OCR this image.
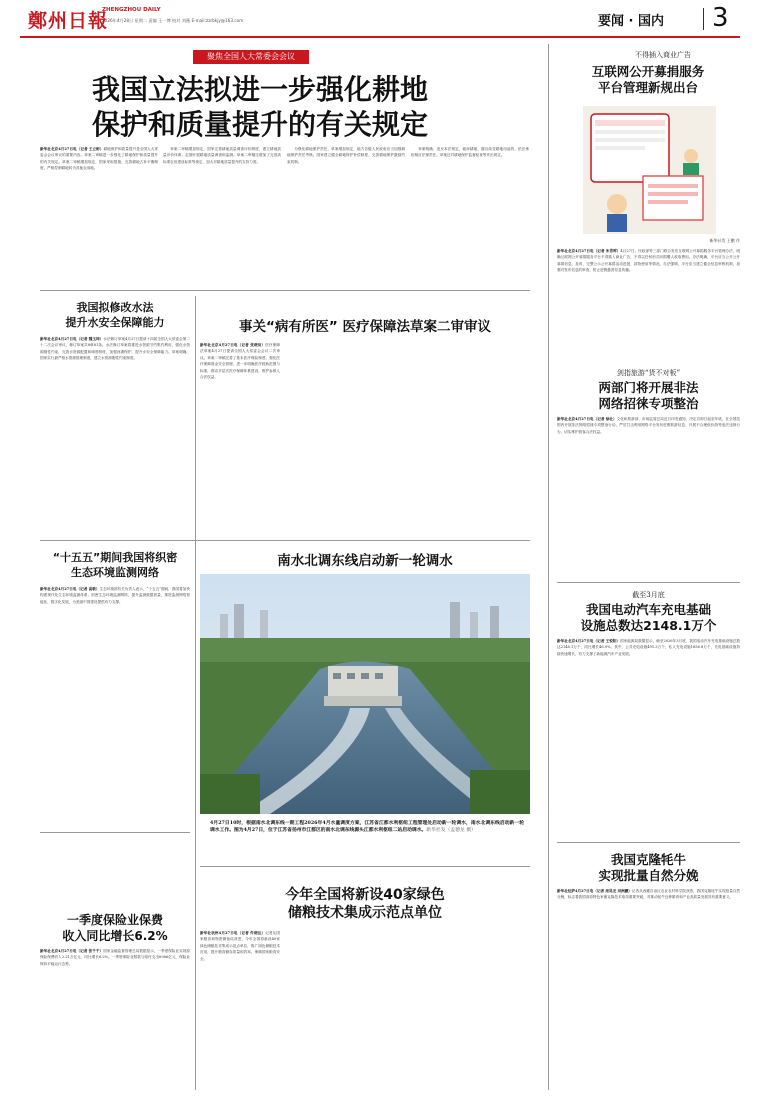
鄭州日報
ZHENGZHOU DAILY
2026年4月28日 星期二 责编 王一博 校对 刘薇 E-mail:zzrbkjy@163.com	要闻 · 国内 3
聚焦全国人大常委会会议
我国立法拟进一步强化耕地
保护和质量提升的有关规定
新华社北京4月27日电（记者 王立彬）耕地保护和质量提升是全国人大常委会会议审议的重要内容。草案二审稿进一步强化了耕地保护和质量提升的有关规定。草案二审稿增加规定，国家采取措施，完善耕地占补平衡制度，严格控制耕地转为其他农用地。

草案二审稿增加规定，国家完善耕地质量调查评价制度，建立耕地质量评价体系，定期开展耕地质量调查和监测。草案二审稿还增加了完善高标准农田建设标准等规定，加大对耕地质量提升的支持力度。

为强化耕地保护责任，草案增加规定，地方各级人民政府应当加强耕地保护责任考核。国家建立健全耕地保护补偿制度，完善耕地保护激励约束机制。

草案明确，违反本法规定，破坏耕地、擅自改变耕地用途的，依法承担相应法律责任。草案还对耕地保护监督检查等作出规定。

不得插入商业广告
互联网公开募捐服务
平台管理新规出台
新华社发 王鹏 作
新华社北京4月27日电（记者 朱青晖）4月27日，民政部等三部门联合发布互联网公开募捐服务平台管理办法，明确互联网公开募捐服务平台不得插入商业广告，不得以任何形式向捐赠人收取费用。办法明确，平台应当公开公开募捐信息，及时、完整公示公开募捐活动进展、款物使用等情况。办法强调，平台应当建立健全信息审核机制，加强对发布信息的审查，防止虚假慈善信息传播。
我国拟修改水法
提升水安全保障能力
新华社北京4月27日电（记者 魏玉坤）水法修订草案4月27日提请十四届全国人大常委会第二十二次会议审议，修订草案共8章81条。水法修订草案将推进水资源节约集约利用，强化水资源刚性约束，完善水资源配置和调度制度，加强河湖保护，提升水安全保障能力。草案明确，国家实行最严格水资源管理制度，建立水资源刚性约束制度。
事关“病有所医” 医疗保障法草案二审审议
新华社北京4月27日电（记者 张晓洁）医疗保障法草案4月27日提请全国人大常委会会议二次审议。草案二审稿完善了基本医疗保险制度，强化医疗保障基金安全管理，进一步明确医疗救助范围与标准，推动多层次医疗保障体系建设，维护参保人合法权益。
剑指旅游“货不对板”
两部门将开展非法
网络招徕专项整治
新华社北京4月27日电（记者 徐壮）文化和旅游部、市场监管总局近日印发通知，决定自即日起至年底，在全国范围内开展非法网络招徕专项整治行动，严厉打击利用网络平台发布虚假旅游信息、开展不合理低价游等违法违规行为，切实维护游客合法权益。
“十五五”期间我国将织密
生态环境监测网络
新华社北京4月27日电（记者 高敬）生态环境部有关负责人表示，“十五五”期间，我国将加快构建现代化生态环境监测体系，织密生态环境监测网络，提升监测数据质量，推进监测网络智能化、数字化发展，为美丽中国建设提供有力支撑。
南水北调东线启动新一轮调水
4月27日10时，根据南水北调东线一期工程2026年4月水量调度方案，江苏省江都水利枢纽工程管理处启动新一轮调水，南水北调东线启动新一轮调水工作。图为4月27日，位于江苏省扬州市江都区的南水北调东线源头江都水利枢纽二站启动调水。新华社发（孟德龙 摄）
截至3月底
我国电动汽车充电基础
设施总数达2148.1万个
新华社北京4月27日电（记者 王悦阳）国家能源局数据显示，截至2026年3月底，我国电动汽车充电基础设施总数达2148.1万个，同比增长46.9%。其中，公共充电设施491.3万个，私人充电设施1656.8万个，充电基础设施持续快速增长，有力支撑了新能源汽车产业发展。
我国克隆牦牛
实现批量自然分娩
新华社拉萨4月27日电（记者 周昊龙 刘洲鹏）记者从西藏自治区农业农村科学院获悉，我国克隆牦牛实现批量自然分娩，标志着我国高原特色家畜克隆技术取得重要突破，对推动牦牛良种繁育和产业高质量发展具有重要意义。
一季度保险业保费
收入同比增长6.2%
新华社北京4月27日电（记者 张千千）国家金融监督管理总局数据显示，一季度保险业实现原保险保费收入2.21万亿元，同比增长6.2%。一季度保险业赔款与给付支出6986亿元，保险业保持平稳运行态势。
今年全国将新设40家绿色
储粮技术集成示范点单位
新华社杭州4月27日电（记者 仵晓达）记者从国家粮食和物资储备局获悉，今年全国将新设40家绿色储粮技术集成示范点单位，推广绿色储粮技术应用，提升粮食储存质量和效率，保障国家粮食安全。
